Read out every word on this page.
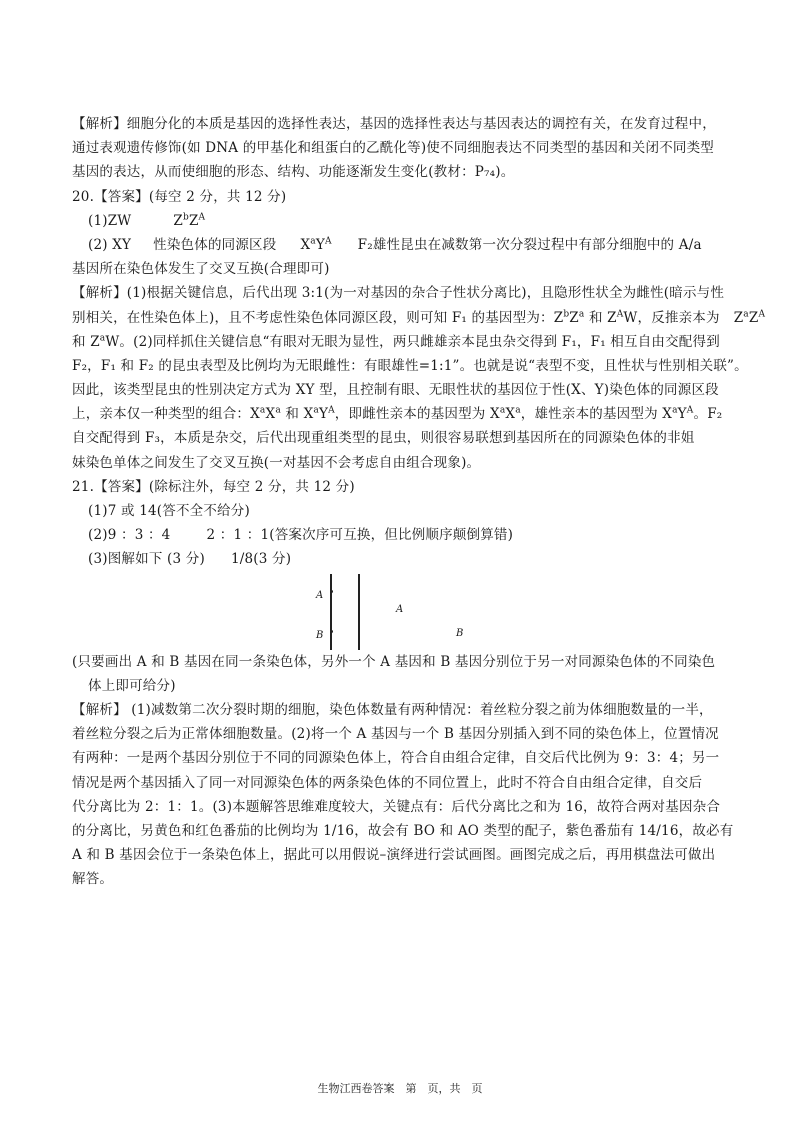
【解析】细胞分化的本质是基因的选择性表达，基因的选择性表达与基因表达的调控有关，在发育过程中，
通过表观遗传修饰(如 DNA 的甲基化和组蛋白的乙酰化等)使不同细胞表达不同类型的基因和关闭不同类型
基因的表达，从而使细胞的形态、结构、功能逐渐发生变化(教材：P₇₄)。
20.【答案】(每空 2 分，共 12 分)
(1)ZW	$Z^bZ^A$
(2) XY 性染色体的同源区段 $X^aY^A$ F₂雄性昆虫在减数第一次分裂过程中有部分细胞中的 A/a
基因所在染色体发生了交叉互换(合理即可)
【解析】(1)根据关键信息，后代出现 3:1(为一对基因的杂合子性状分离比)，且隐形性状全为雌性(暗示与性
别相关，在性染色体上)，且不考虑性染色体同源区段，则可知 F₁ 的基因型为：$Z^bZ^a$ 和 $Z^AW$，反推亲本为 $Z^aZ^A$
和 $Z^aW$。(2)同样抓住关键信息“有眼对无眼为显性，两只雌雄亲本昆虫杂交得到 F₁，F₁ 相互自由交配得到
F₂，F₁ 和 F₂ 的昆虫表型及比例均为无眼雌性：有眼雄性=1:1”。也就是说“表型不变，且性状与性别相关联”。
因此，该类型昆虫的性别决定方式为 XY 型，且控制有眼、无眼性状的基因位于性(X、Y)染色体的同源区段
上，亲本仅一种类型的组合：$X^aX^a$ 和 $X^aY^A$，即雌性亲本的基因型为 $X^aX^a$，雄性亲本的基因型为 $X^aY^A$。F₂
自交配得到 F₃，本质是杂交，后代出现重组类型的昆虫，则很容易联想到基因所在的同源染色体的非姐
妹染色单体之间发生了交叉互换(一对基因不会考虑自由组合现象)。
21.【答案】(除标注外，每空 2 分，共 12 分)
(1)7 或 14(答不全不给分)
(2)9 ：3 ：4	2 ：1 ：1(答案次序可互换，但比例顺序颠倒算错)
(3)图解如下 (3 分) 1/8(3 分)
A
B
A
B
(只要画出 A 和 B 基因在同一条染色体，另外一个 A 基因和 B 基因分别位于另一对同源染色体的不同染色
体上即可给分)
【解析】 (1)减数第二次分裂时期的细胞，染色体数量有两种情况：着丝粒分裂之前为体细胞数量的一半，
着丝粒分裂之后为正常体细胞数量。(2)将一个 A 基因与一个 B 基因分别插入到不同的染色体上，位置情况
有两种：一是两个基因分别位于不同的同源染色体上，符合自由组合定律，自交后代比例为 9：3：4；另一
情况是两个基因插入了同一对同源染色体的两条染色体的不同位置上，此时不符合自由组合定律，自交后
代分离比为 2：1：1。(3)本题解答思维难度较大，关键点有：后代分离比之和为 16，故符合两对基因杂合
的分离比，另黄色和红色番茄的比例均为 1/16，故会有 BO 和 AO 类型的配子，紫色番茄有 14/16，故必有
A 和 B 基因会位于一条染色体上，据此可以用假说–演绎进行尝试画图。画图完成之后，再用棋盘法可做出
解答。
生物江西卷答案　第　页，共　页
